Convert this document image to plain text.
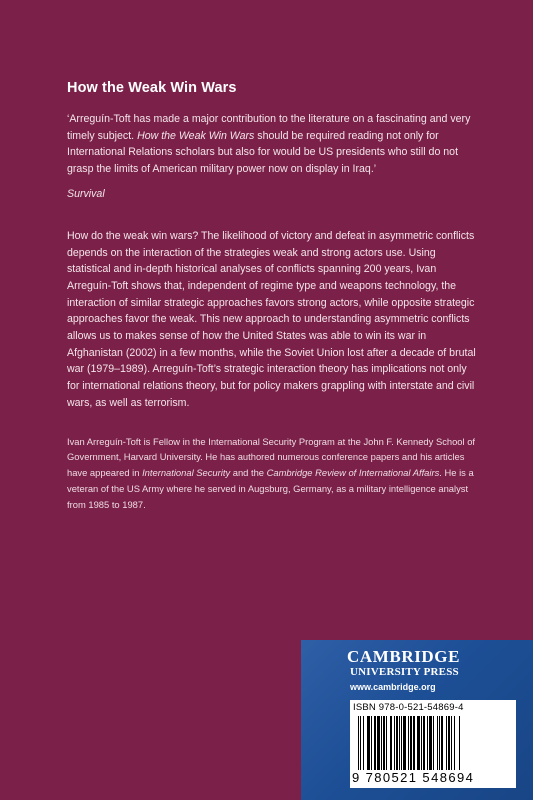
How the Weak Win Wars

‘Arreguín-Toft has made a major contribution to the literature on a fascinating and very timely subject. How the Weak Win Wars should be required reading not only for International Relations scholars but also for would be US presidents who still do not grasp the limits of American military power now on display in Iraq.’

Survival

How do the weak win wars? The likelihood of victory and defeat in asymmetric conflicts depends on the interaction of the strategies weak and strong actors use. Using statistical and in-depth historical analyses of conflicts spanning 200 years, Ivan Arreguín-Toft shows that, independent of regime type and weapons technology, the interaction of similar strategic approaches favors strong actors, while opposite strategic approaches favor the weak. This new approach to understanding asymmetric conflicts allows us to makes sense of how the United States was able to win its war in Afghanistan (2002) in a few months, while the Soviet Union lost after a decade of brutal war (1979–1989). Arreguín-Toft’s strategic interaction theory has implications not only for international relations theory, but for policy makers grappling with interstate and civil wars, as well as terrorism.

Ivan Arreguín-Toft is Fellow in the International Security Program at the John F. Kennedy School of Government, Harvard University. He has authored numerous conference papers and his articles have appeared in International Security and the Cambridge Review of International Affairs. He is a veteran of the US Army where he served in Augsburg, Germany, as a military intelligence analyst from 1985 to 1987.

CAMBRIDGE
UNIVERSITY PRESS
www.cambridge.org
ISBN 978-0-521-54869-4
9 780521 548694
